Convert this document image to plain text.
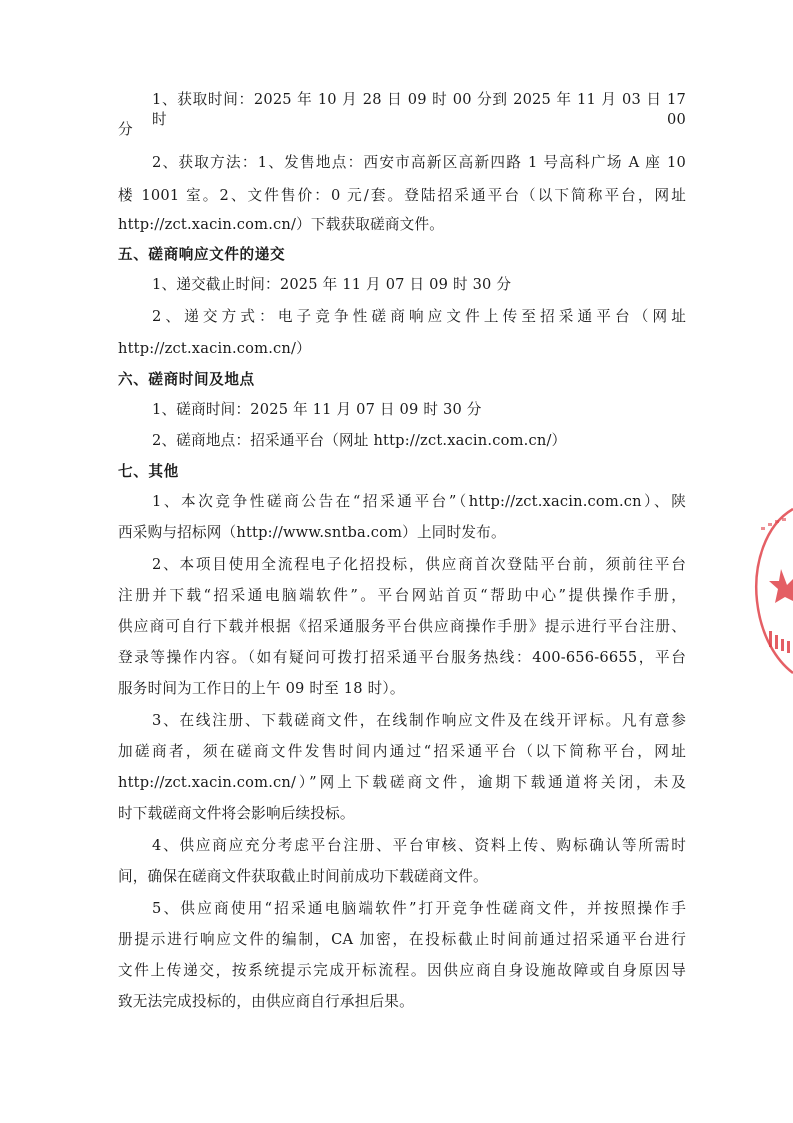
1、获取时间：2025 年 10 月 28 日 09 时 00 分到 2025 年 11 月 03 日 17 时 00
分
2、获取方法：1、发售地点：西安市高新区高新四路 1 号高科广场 A 座 10
楼 1001 室。2、文件售价：0 元/套。登陆招采通平台（以下简称平台，网址
http://zct.xacin.com.cn/）下载获取磋商文件。
五、磋商响应文件的递交
1、递交截止时间：2025 年 11 月 07 日 09 时 30 分
2、递交方式：电子竞争性磋商响应文件上传至招采通平台（网址
http://zct.xacin.com.cn/）
六、磋商时间及地点
1、磋商时间：2025 年 11 月 07 日 09 时 30 分
2、磋商地点：招采通平台（网址 http://zct.xacin.com.cn/）
七、其他
1、本次竞争性磋商公告在“招采通平台”（http://zct.xacin.com.cn）、陕
西采购与招标网（http://www.sntba.com）上同时发布。
2、本项目使用全流程电子化招投标，供应商首次登陆平台前，须前往平台
注册并下载“招采通电脑端软件”。平台网站首页“帮助中心”提供操作手册，
供应商可自行下载并根据《招采通服务平台供应商操作手册》提示进行平台注册、
登录等操作内容。（如有疑问可拨打招采通平台服务热线：400-656-6655，平台
服务时间为工作日的上午 09 时至 18 时）。
3、在线注册、下载磋商文件，在线制作响应文件及在线开评标。凡有意参
加磋商者，须在磋商文件发售时间内通过“招采通平台（以下简称平台，网址
http://zct.xacin.com.cn/）”网上下载磋商文件，逾期下载通道将关闭，未及
时下载磋商文件将会影响后续投标。
4、供应商应充分考虑平台注册、平台审核、资料上传、购标确认等所需时
间，确保在磋商文件获取截止时间前成功下载磋商文件。
5、供应商使用“招采通电脑端软件”打开竞争性磋商文件，并按照操作手
册提示进行响应文件的编制，CA 加密，在投标截止时间前通过招采通平台进行
文件上传递交，按系统提示完成开标流程。因供应商自身设施故障或自身原因导
致无法完成投标的，由供应商自行承担后果。
